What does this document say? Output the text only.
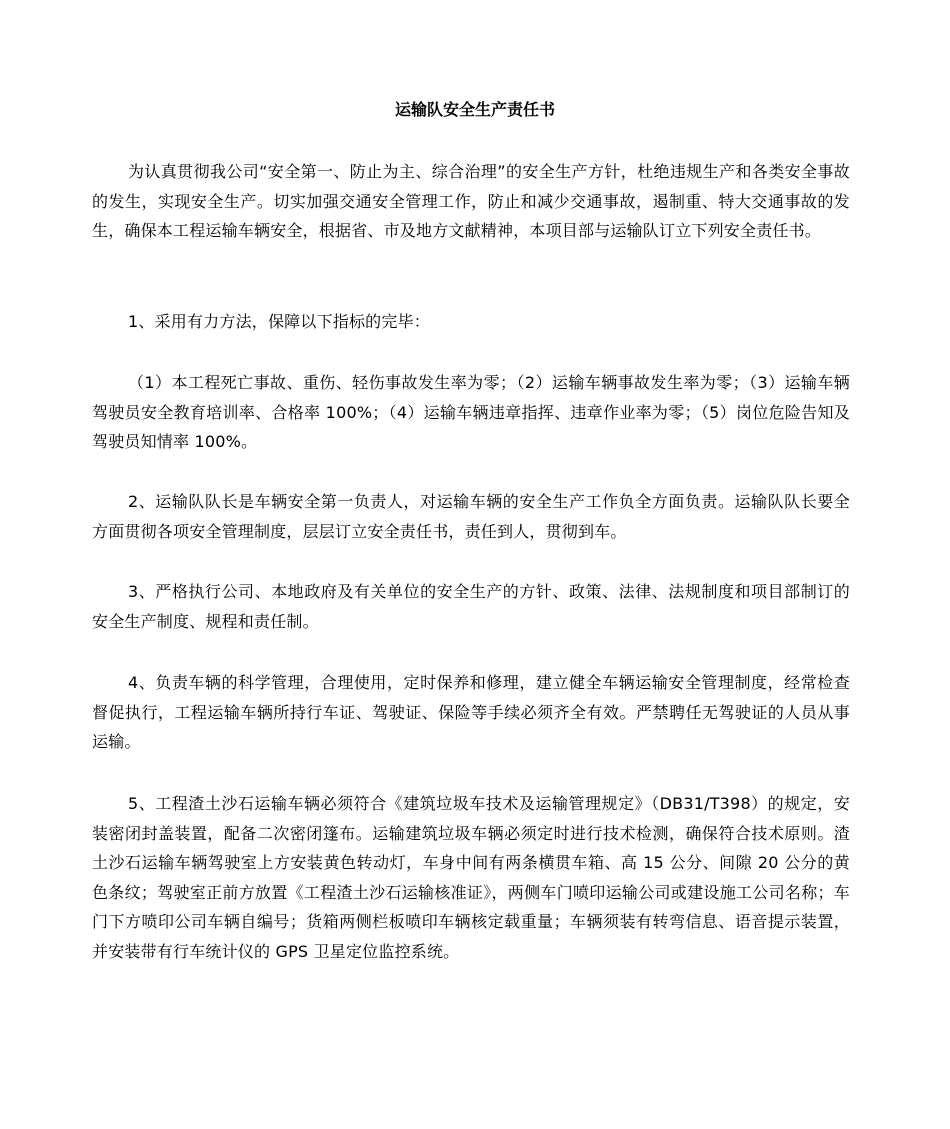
运输队安全生产责任书

为认真贯彻我公司“安全第一、防止为主、综合治理”的安全生产方针，杜绝违规生产和各类安全事故的发生，实现安全生产。切实加强交通安全管理工作，防止和减少交通事故，遏制重、特大交通事故的发生，确保本工程运输车辆安全，根据省、市及地方文献精神，本项目部与运输队订立下列安全责任书。

1、采用有力方法，保障以下指标的完毕：

（1）本工程死亡事故、重伤、轻伤事故发生率为零；（2）运输车辆事故发生率为零；（3）运输车辆驾驶员安全教育培训率、合格率 100%；（4）运输车辆违章指挥、违章作业率为零；（5）岗位危险告知及驾驶员知情率 100%。

2、运输队队长是车辆安全第一负责人，对运输车辆的安全生产工作负全方面负责。运输队队长要全方面贯彻各项安全管理制度，层层订立安全责任书，责任到人，贯彻到车。

3、严格执行公司、本地政府及有关单位的安全生产的方针、政策、法律、法规制度和项目部制订的安全生产制度、规程和责任制。

4、负责车辆的科学管理，合理使用，定时保养和修理，建立健全车辆运输安全管理制度，经常检查督促执行，工程运输车辆所持行车证、驾驶证、保险等手续必须齐全有效。严禁聘任无驾驶证的人员从事运输。

5、工程渣土沙石运输车辆必须符合《建筑垃圾车技术及运输管理规定》（DB31/T398）的规定，安装密闭封盖装置，配备二次密闭篷布。运输建筑垃圾车辆必须定时进行技术检测，确保符合技术原则。渣土沙石运输车辆驾驶室上方安装黄色转动灯，车身中间有两条横贯车箱、高 15 公分、间隙 20 公分的黄色条纹；驾驶室正前方放置《工程渣土沙石运输核准证》，两侧车门喷印运输公司或建设施工公司名称；车门下方喷印公司车辆自编号；货箱两侧栏板喷印车辆核定载重量；车辆须装有转弯信息、语音提示装置，并安装带有行车统计仪的 GPS 卫星定位监控系统。
